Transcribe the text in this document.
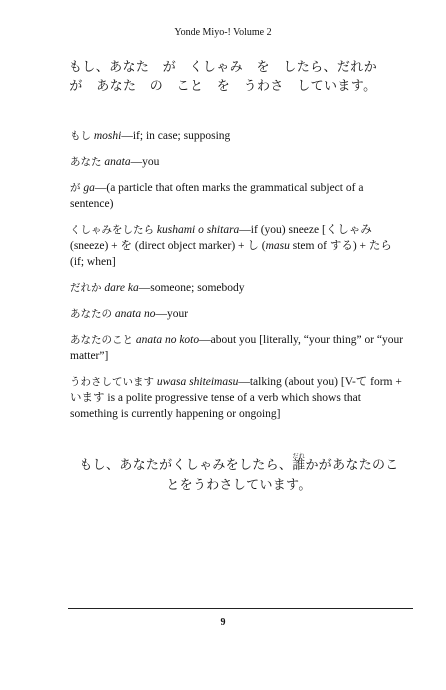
Yonde Miyo-! Volume 2
もし、あなた　が　くしゃみ　を　したら、だれか
が　あなた　の　こと　を　うわさ　しています。

もし moshi—if; in case; supposing

あなた anata—you

が ga—(a particle that often marks the grammatical subject of a sentence)

くしゃみをしたら kushami o shitara—if (you) sneeze [くしゃみ (sneeze) + を (direct object marker) + し (masu stem of する) + たら (if; when]

だれか dare ka—someone; somebody

あなたの anata no—your

あなたのこと anata no koto—about you [literally, “your thing” or “your matter”]

うわさしています uwasa shiteimasu—talking (about you) [V-て form + います is a polite progressive tense of a verb which shows that something is currently happening or ongoing]

もし、あなたがくしゃみをしたら、
だれ
誰かがあなたのこ
とをうわさしています。
9
